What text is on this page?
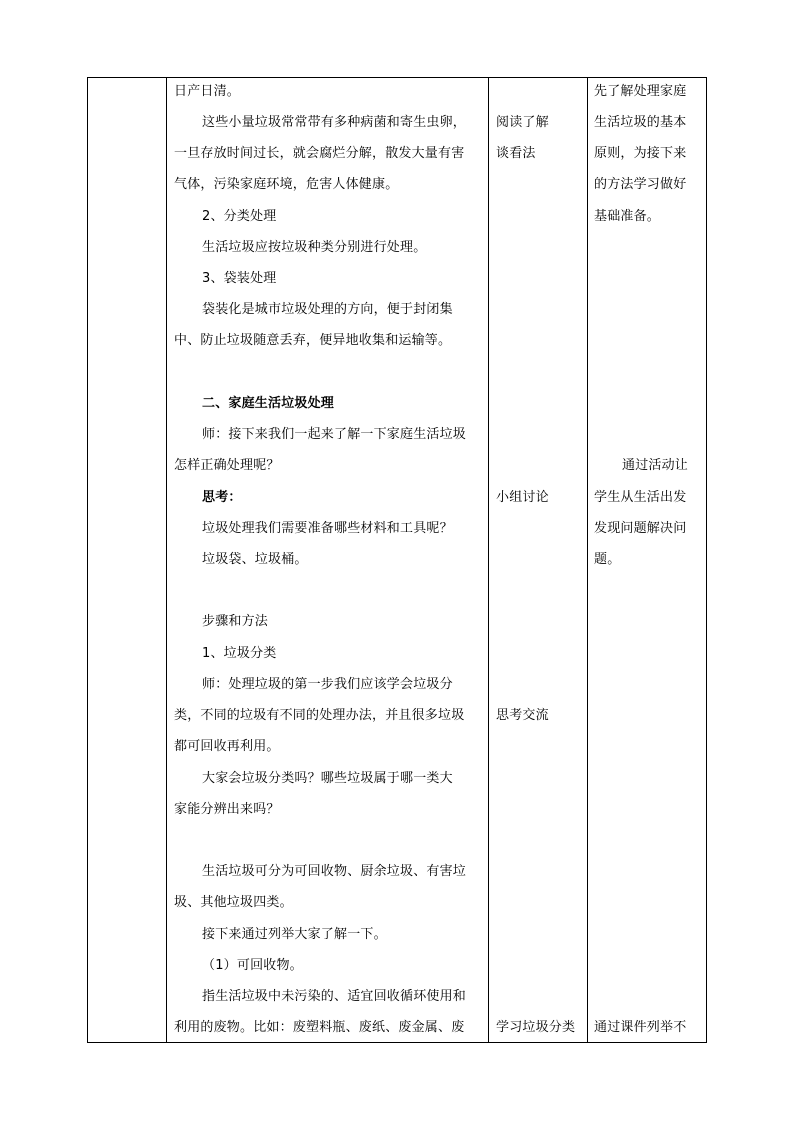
日产日清。
这些小量垃圾常常带有多种病菌和寄生虫卵，
一旦存放时间过长，就会腐烂分解，散发大量有害
气体，污染家庭环境，危害人体健康。
2、分类处理
生活垃圾应按垃圾种类分别进行处理。
3、袋装处理
袋装化是城市垃圾处理的方向，便于封闭集
中、防止垃圾随意丢弃，便异地收集和运输等。
二、家庭生活垃圾处理
师：接下来我们一起来了解一下家庭生活垃圾
怎样正确处理呢？
思考：
垃圾处理我们需要准备哪些材料和工具呢？
垃圾袋、垃圾桶。
步骤和方法
1、垃圾分类
师：处理垃圾的第一步我们应该学会垃圾分
类，不同的垃圾有不同的处理办法，并且很多垃圾
都可回收再利用。
大家会垃圾分类吗？哪些垃圾属于哪一类大
家能分辨出来吗？
生活垃圾可分为可回收物、厨余垃圾、有害垃
圾、其他垃圾四类。
接下来通过列举大家了解一下。
（1）可回收物。
指生活垃圾中未污染的、适宜回收循环使用和
利用的废物。比如：废塑料瓶、废纸、废金属、废
阅读了解
谈看法
小组讨论
思考交流
学习垃圾分类
先了解处理家庭
生活垃圾的基本
原则，为接下来
的方法学习做好
基础准备。
通过活动让
学生从生活出发
发现问题解决问
题。
通过课件列举不
